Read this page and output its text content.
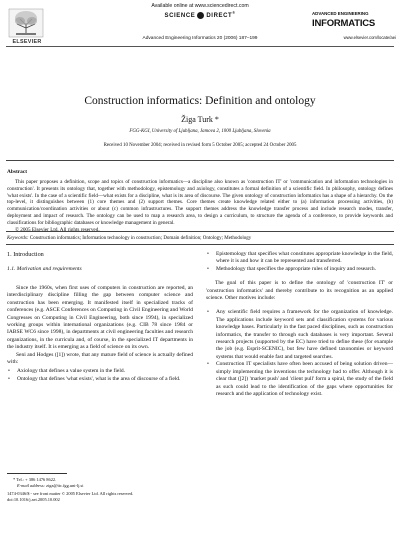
Available online at www.sciencedirect.com
SCIENCE DIRECT®
ELSEVIER
Advanced Engineering Informatics 20 (2006) 187–199
ADVANCED ENGINEERING
INFORMATICS
www.elsevier.com/locate/aei
Construction informatics: Definition and ontology
Žiga Turk *
FGG-KGI, University of Ljubljana, Jamova 2, 1000 Ljubljana, Slovenia
Received 10 November 2004; received in revised form 5 October 2005; accepted 24 October 2005
Abstract
This paper proposes a definition, scope and topics of construction informatics—a discipline also known as 'construction IT' or 'communication and information technologies in construction'. It presents its ontology that, together with methodology, epistemology and axiology, constitutes a formal definition of a scientific field. In philosophy, ontology defines 'what exists'. In the case of a scientific field—what exists for a discipline, what is its area of discourse. The given ontology of construction informatics has a shape of a hierarchy. On the top-level, it distinguishes between (1) core themes and (2) support themes. Core themes create knowledge related either to (a) information processing activities, (b) communication/coordination activities or about (c) common infrastructures. The support themes address the knowledge transfer process and include research modes, transfer, deployment and impact of research. The ontology can be used to map a research area, to design a curriculum, to structure the agenda of a conference, to provide keywords and classifications for bibliographic databases or knowledge management in general.
© 2005 Elsevier Ltd. All rights reserved.
Keywords: Construction informatics; Information technology in construction; Domain definition; Ontology; Methodology
1. Introduction
1.1. Motivation and requirements

Since the 1960s, when first uses of computers in construction are reported, an interdisciplinary discipline filling the gap between computer science and construction has been emerging. It manifested itself in specialized tracks of conferences (e.g. ASCE Conferences on Computing in Civil Engineering and World Congresses on Computing in Civil Engineering, both since 1994), in specialized working groups within international organizations (e.g. CIB 78 since 1984 or IABSE WC6 since 1998), in departments at civil engineering faculties and research organizations, in the curricula and, of course, in the specialized IT departments in the industry itself. It is emerging as a field of science on its own.

Seni and Hodges ([1]) wrote, that any mature field of science is actually defined with:

•	Axiology that defines a value system in the field.
•	Ontology that defines 'what exists', what is the area of discourse of a field.
* Tel.: + 386 1476 8622.
E-mail address: ziga@itc.fgg.uni-lj.si
1474-0346/$ - see front matter © 2005 Elsevier Ltd. All rights reserved.
doi:10.1016/j.aei.2005.10.002
•	Epistemology that specifies what constitutes appropriate knowledge in the field, where it is and how it can be represented and transferred.
•	Methodology that specifies the appropriate rules of inquiry and research.

The goal of this paper is to define the ontology of 'construction IT' or 'construction informatics' and thereby contribute to its recognition as an applied science. Other motives include:

•	Any scientific field requires a framework for the organization of knowledge. The applications include keyword sets and classification systems for various knowledge bases. Particularly in the fast paced disciplines, such as construction informatics, the transfer to through such databases is very important. Several research projects (supported by the EC) have tried to define these (for example the job (e.g. Esprit-SCENIC), but few have defined taxonomies or keyword systems that would enable fast and targeted searches.
•	Construction IT specialists have often been accused of being solution driven—simply implementing the inventions the technology had to offer. Although it is clear that ([2]) 'market push' and 'client pull' form a spiral, the study of the field as such could lead to the identification of the gaps where opportunities for research and the application of technology exist.
